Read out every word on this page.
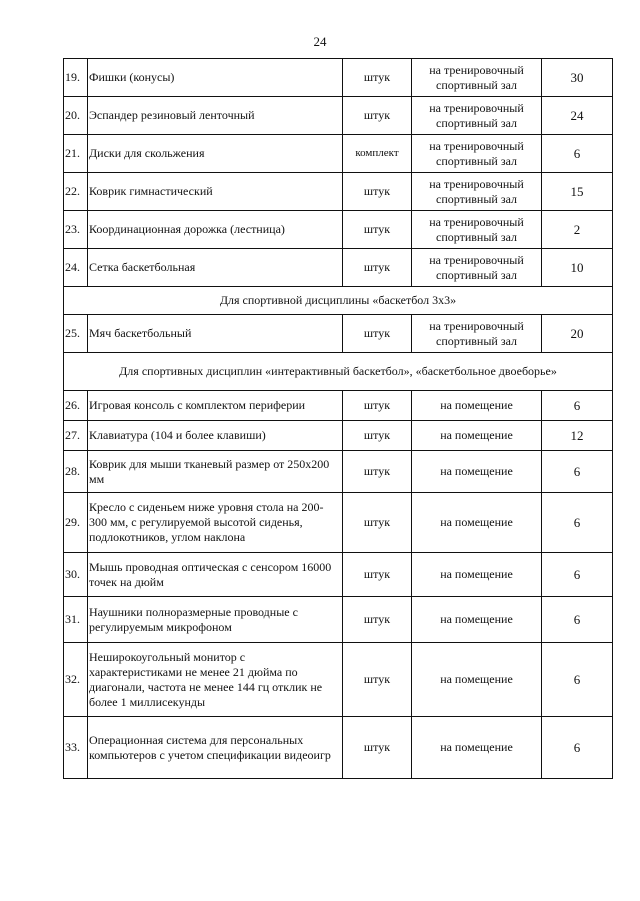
24
19.	Фишки (конусы)	штук	на тренировочный спортивный зал	30
20.	Эспандер резиновый ленточный	штук	на тренировочный спортивный зал	24
21.	Диски для скольжения	комплект	на тренировочный спортивный зал	6
22.	Коврик гимнастический	штук	на тренировочный спортивный зал	15
23.	Координационная дорожка (лестница)	штук	на тренировочный спортивный зал	2
24.	Сетка баскетбольная	штук	на тренировочный спортивный зал	10
Для спортивной дисциплины «баскетбол 3х3»				
25.	Мяч баскетбольный	штук	на тренировочный спортивный зал	20
Для спортивных дисциплин «интерактивный баскетбол», «баскетбольное двоеборье»				
26.	Игровая консоль с комплектом периферии	штук	на помещение	6
27.	Клавиатура (104 и более клавиши)	штук	на помещение	12
28.	Коврик для мыши тканевый размер от 250х200 мм	штук	на помещение	6
29.	Кресло с сиденьем ниже уровня стола на 200-300 мм, с регулируемой высотой сиденья, подлокотников, углом наклона	штук	на помещение	6
30.	Мышь проводная оптическая с сенсором 16000 точек на дюйм	штук	на помещение	6
31.	Наушники полноразмерные проводные с регулируемым микрофоном	штук	на помещение	6
32.	Неширокоугольный монитор с характеристиками не менее 21 дюйма по диагонали, частота не менее 144 гц отклик не более 1 миллисекунды	штук	на помещение	6
33.	Операционная система для персональных компьютеров с учетом спецификации видеоигр	штук	на помещение	6
